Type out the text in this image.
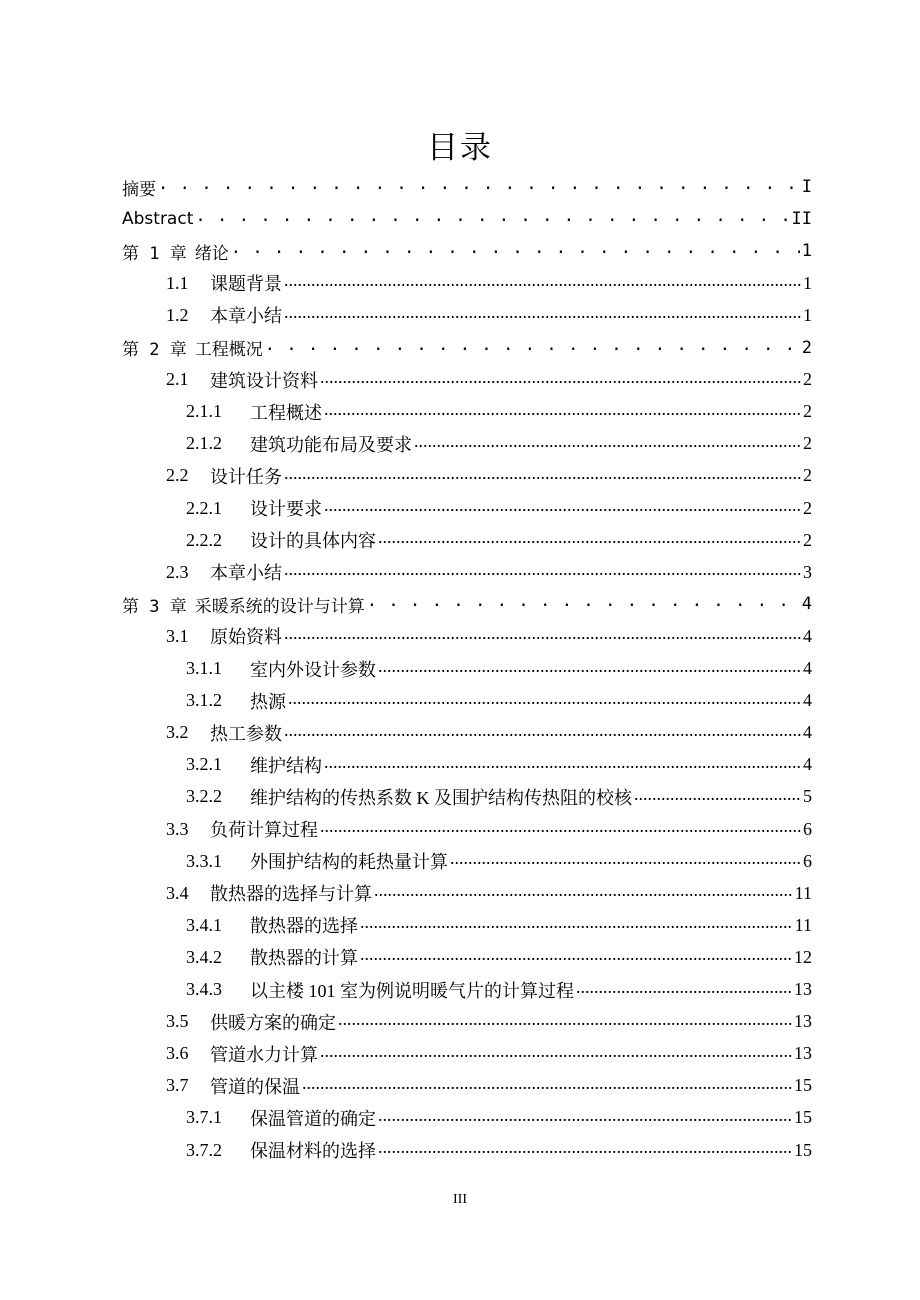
目录
摘要 . . .	I
Abstract . . .	II
第 1 章 绪论 . . .	1
1.1	课题背景 .....	1
1.2	本章小结 .....	1
第 2 章 工程概况 . . .	2
2.1	建筑设计资料 .....	2
2.1.1	工程概述 .....	2
2.1.2	建筑功能布局及要求 .....	2
2.2	设计任务 .....	2
2.2.1	设计要求 .....	2
2.2.2	设计的具体内容 .....	2
2.3	本章小结 .....	3
第 3 章 采暖系统的设计与计算 . . .	4
3.1	原始资料 .....	4
3.1.1	室内外设计参数 .....	4
3.1.2	热源 .....	4
3.2	热工参数 .....	4
3.2.1	维护结构 .....	4
3.2.2	维护结构的传热系数 K 及围护结构传热阻的校核 .....	5
3.3	负荷计算过程 .....	6
3.3.1	外围护结构的耗热量计算 .....	6
3.4	散热器的选择与计算 .....	11
3.4.1	散热器的选择 .....	11
3.4.2	散热器的计算 .....	12
3.4.3	以主楼 101 室为例说明暖气片的计算过程 .....	13
3.5	供暖方案的确定 .....	13
3.6	管道水力计算 .....	13
3.7	管道的保温 .....	15
3.7.1	保温管道的确定 .....	15
3.7.2	保温材料的选择 .....	15
III
